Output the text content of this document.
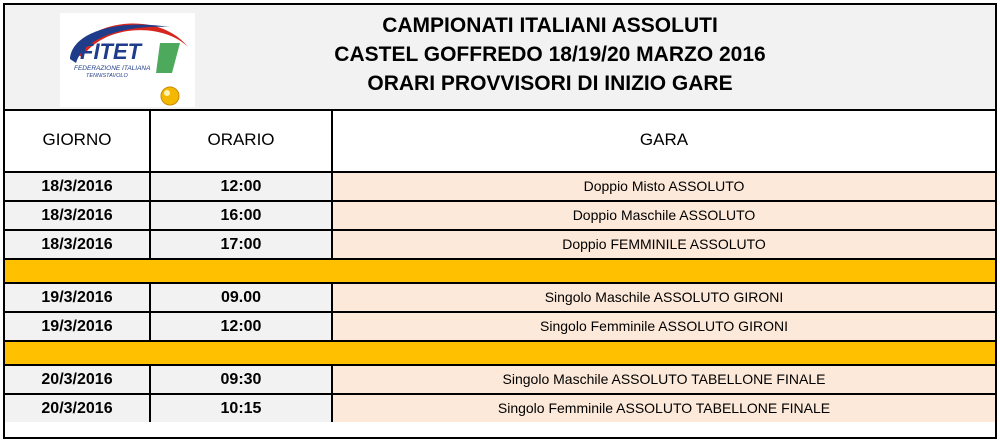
FITET
FEDERAZIONE ITALIANA
TENNISTAVOLO
CAMPIONATI ITALIANI ASSOLUTI
CASTEL GOFFREDO 18/19/20 MARZO 2016
ORARI PROVVISORI DI INIZIO GARE
GIORNO	ORARIO	GARA
18/3/2016	12:00	Doppio Misto ASSOLUTO
18/3/2016	16:00	Doppio Maschile ASSOLUTO
18/3/2016	17:00	Doppio FEMMINILE ASSOLUTO
19/3/2016	09.00	Singolo Maschile ASSOLUTO GIRONI
19/3/2016	12:00	Singolo Femminile ASSOLUTO GIRONI
20/3/2016	09:30	Singolo Maschile ASSOLUTO TABELLONE FINALE
20/3/2016	10:15	Singolo Femminile ASSOLUTO TABELLONE FINALE
